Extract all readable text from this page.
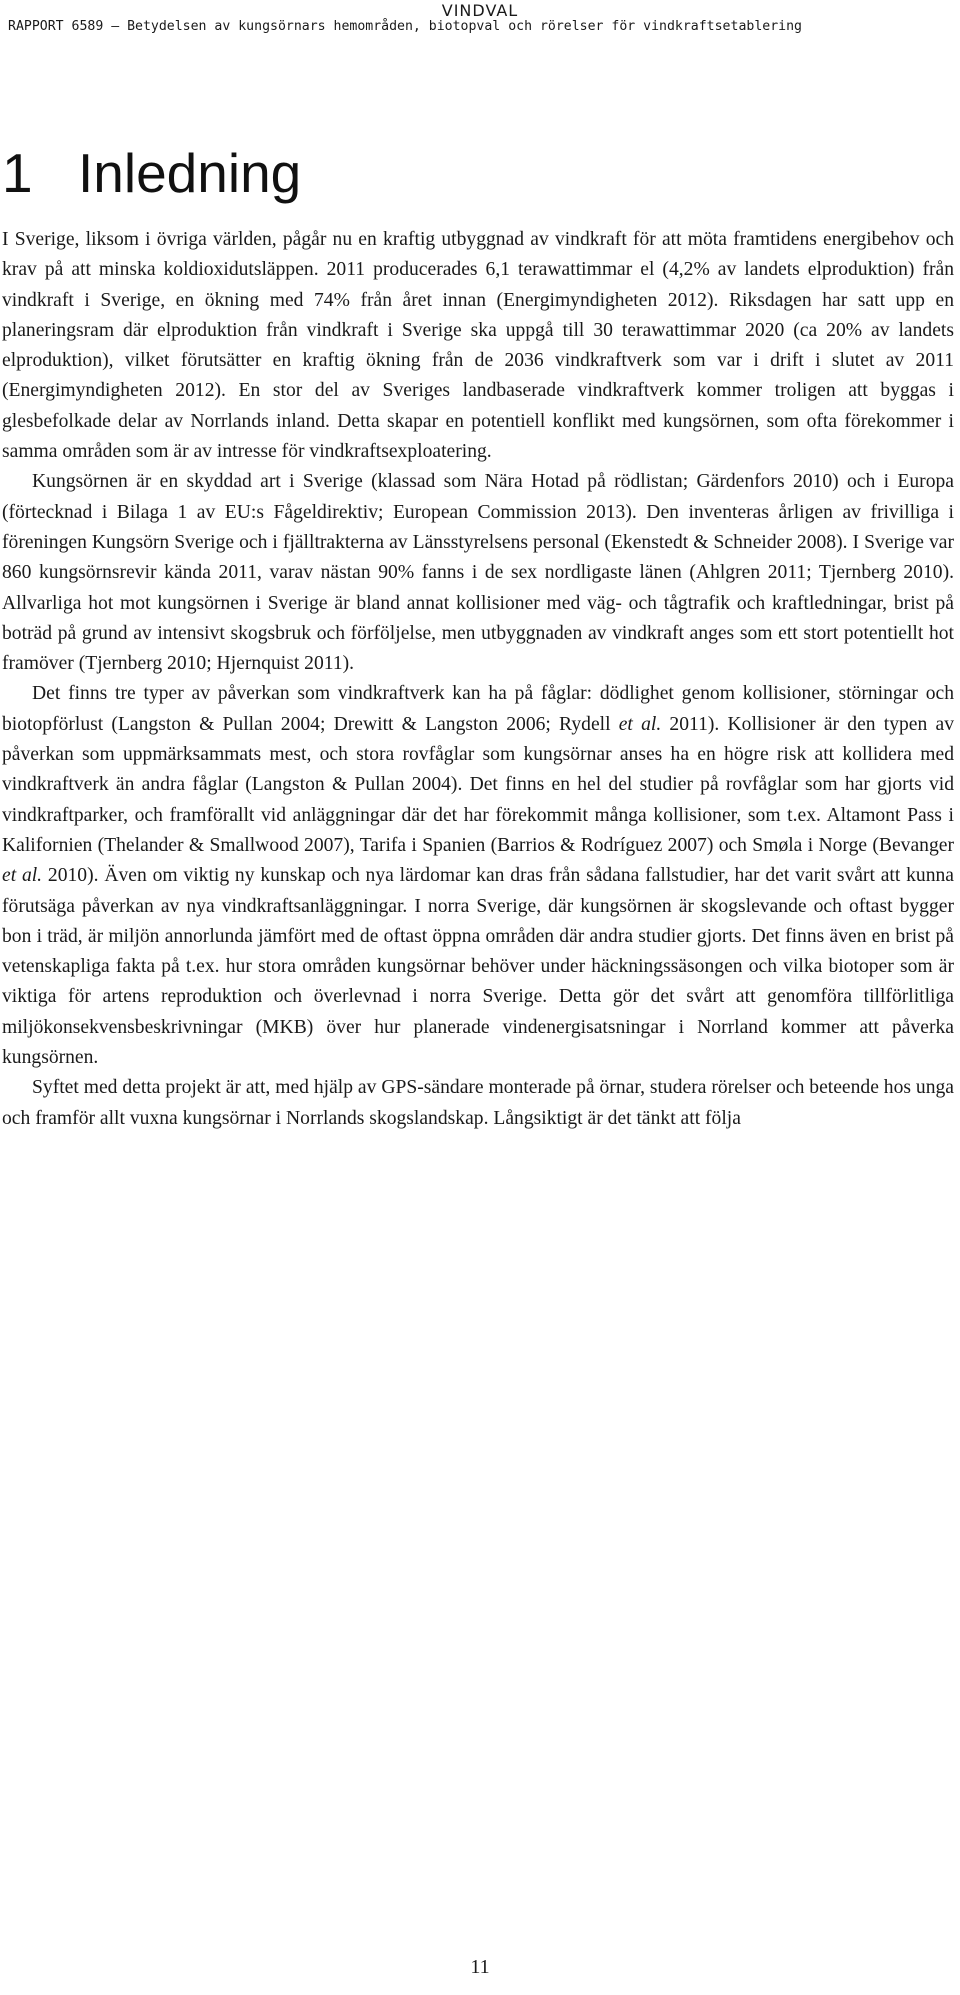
VINDVAL
RAPPORT 6589 – Betydelsen av kungsörnars hemområden, biotopval och rörelser för vindkraftsetablering
1 Inledning

I Sverige, liksom i övriga världen, pågår nu en kraftig utbyggnad av vindkraft för att möta framtidens energibehov och krav på att minska koldioxidutsläppen. 2011 producerades 6,1 terawattimmar el (4,2% av landets elproduktion) från vindkraft i Sverige, en ökning med 74% från året innan (Energimyndigheten 2012). Riksdagen har satt upp en planeringsram där elproduktion från vindkraft i Sverige ska uppgå till 30 terawattimmar 2020 (ca 20% av landets elproduktion), vilket förutsätter en kraftig ökning från de 2036 vindkraftverk som var i drift i slutet av 2011 (Energimyndigheten 2012). En stor del av Sveriges landbaserade vindkraftverk kommer troligen att byggas i glesbefolkade delar av Norrlands inland. Detta skapar en potentiell konflikt med kungsörnen, som ofta förekommer i samma områden som är av intresse för vindkraftsexploatering.

Kungsörnen är en skyddad art i Sverige (klassad som Nära Hotad på rödlistan; Gärdenfors 2010) och i Europa (förtecknad i Bilaga 1 av EU:s Fågeldirektiv; European Commission 2013). Den inventeras årligen av frivilliga i föreningen Kungsörn Sverige och i fjälltrakterna av Länsstyrelsens personal (Ekenstedt & Schneider 2008). I Sverige var 860 kungsörnsrevir kända 2011, varav nästan 90% fanns i de sex nordligaste länen (Ahlgren 2011; Tjernberg 2010). Allvarliga hot mot kungsörnen i Sverige är bland annat kollisioner med väg- och tågtrafik och kraftledningar, brist på boträd på grund av intensivt skogsbruk och förföljelse, men utbyggnaden av vindkraft anges som ett stort potentiellt hot framöver (Tjernberg 2010; Hjernquist 2011).

Det finns tre typer av påverkan som vindkraftverk kan ha på fåglar: dödlighet genom kollisioner, störningar och biotopförlust (Langston & Pullan 2004; Drewitt & Langston 2006; Rydell et al. 2011). Kollisioner är den typen av påverkan som uppmärksammats mest, och stora rovfåglar som kungsörnar anses ha en högre risk att kollidera med vindkraftverk än andra fåglar (Langston & Pullan 2004). Det finns en hel del studier på rovfåglar som har gjorts vid vindkraftparker, och framförallt vid anläggningar där det har förekommit många kollisioner, som t.ex. Altamont Pass i Kalifornien (Thelander & Smallwood 2007), Tarifa i Spanien (Barrios & Rodríguez 2007) och Smøla i Norge (Bevanger et al. 2010). Även om viktig ny kunskap och nya lärdomar kan dras från sådana fallstudier, har det varit svårt att kunna förutsäga påverkan av nya vindkraftsanläggningar. I norra Sverige, där kungsörnen är skogslevande och oftast bygger bon i träd, är miljön annorlunda jämfört med de oftast öppna områden där andra studier gjorts. Det finns även en brist på vetenskapliga fakta på t.ex. hur stora områden kungsörnar behöver under häckningssäsongen och vilka biotoper som är viktiga för artens reproduktion och överlevnad i norra Sverige. Detta gör det svårt att genomföra tillförlitliga miljökonsekvensbeskrivningar (MKB) över hur planerade vindenergisatsningar i Norrland kommer att påverka kungsörnen.

Syftet med detta projekt är att, med hjälp av GPS-sändare monterade på örnar, studera rörelser och beteende hos unga och framför allt vuxna kungsörnar i Norrlands skogslandskap. Långsiktigt är det tänkt att följa

11
